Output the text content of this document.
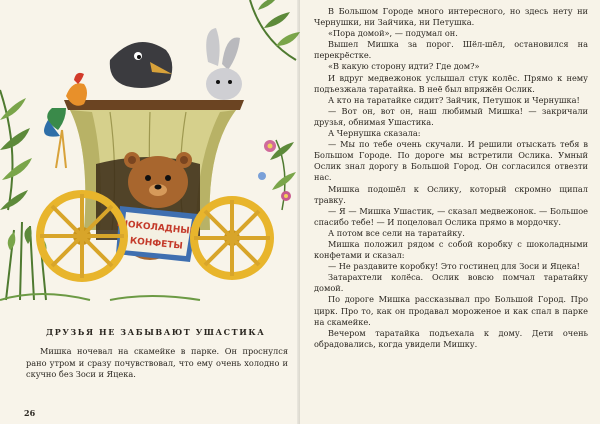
ШОКОЛАДНЫЕ
КОНФЕТЫ
ДРУЗЬЯ НЕ ЗАБЫВАЮТ УШАСТИКА

Мишка ночевал на скамейке в парке. Он проснулся рано утром и сразу почувствовал, что ему очень холодно и скучно без Зоси и Яцека.

26

В Большом Городе много интересного, но здесь нету ни Чернушки, ни Зайчика, ни Петушка.

«Пора домой», — подумал он.

Вышел Мишка за порог. Шёл-шёл, остановился на перекрёстке.

«В какую сторону идти? Где дом?»

И вдруг медвежонок услышал стук колёс. Прямо к нему подъезжала таратайка. В неё был впряжён Ослик.

А кто на таратайке сидит? Зайчик, Петушок и Чернушка!

— Вот он, вот он, наш любимый Мишка! — закричали друзья, обнимая Ушастика.

А Чернушка сказала:

— Мы по тебе очень скучали. И решили отыскать тебя в Большом Городе. По дороге мы встретили Ослика. Умный Ослик знал дорогу в Большой Город. Он согласился отвезти нас.

Мишка подошёл к Ослику, который скромно щипал травку.

— Я — Мишка Ушастик, — сказал медвежонок. — Большое спасибо тебе! — И поцеловал Ослика прямо в мордочку.

А потом все сели на таратайку.

Мишка положил рядом с собой коробку с шоколадными конфетами и сказал:

— Не раздавите коробку! Это гостинец для Зоси и Яцека!

Затарахтели колёса. Ослик вовсю помчал таратайку домой.

По дороге Мишка рассказывал про Большой Город. Про цирк. Про то, как он продавал мороженое и как спал в парке на скамейке.

Вечером таратайка подъехала к дому. Дети очень обрадовались, когда увидели Мишку.
